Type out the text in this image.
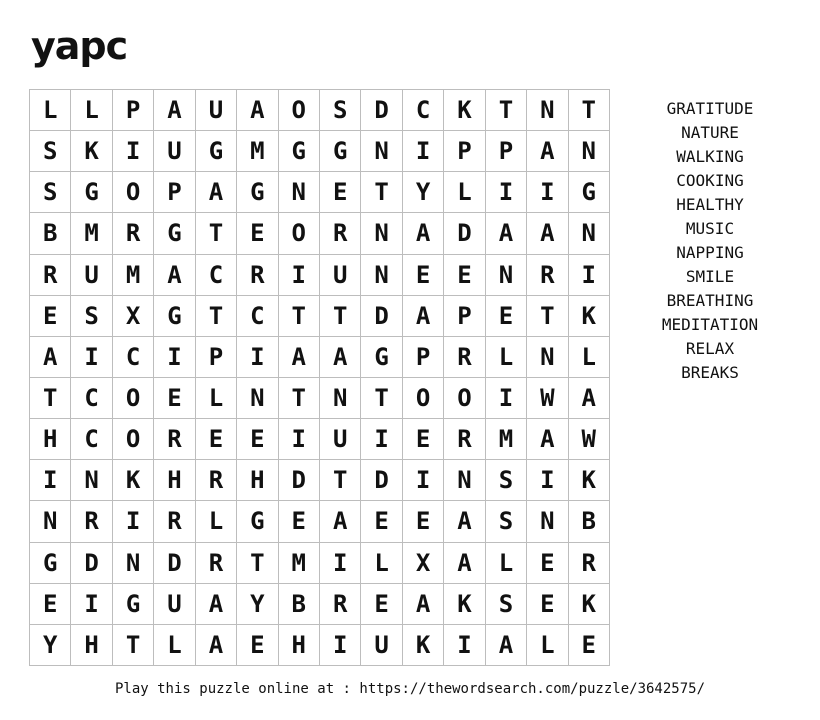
yapc
L	L	P	A	U	A	O	S	D	C	K	T	N	T
S	K	I	U	G	M	G	G	N	I	P	P	A	N
S	G	O	P	A	G	N	E	T	Y	L	I	I	G
B	M	R	G	T	E	O	R	N	A	D	A	A	N
R	U	M	A	C	R	I	U	N	E	E	N	R	I
E	S	X	G	T	C	T	T	D	A	P	E	T	K
A	I	C	I	P	I	A	A	G	P	R	L	N	L
T	C	O	E	L	N	T	N	T	O	O	I	W	A
H	C	O	R	E	E	I	U	I	E	R	M	A	W
I	N	K	H	R	H	D	T	D	I	N	S	I	K
N	R	I	R	L	G	E	A	E	E	A	S	N	B
G	D	N	D	R	T	M	I	L	X	A	L	E	R
E	I	G	U	A	Y	B	R	E	A	K	S	E	K
Y	H	T	L	A	E	H	I	U	K	I	A	L	E
GRATITUDE
NATURE
WALKING
COOKING
HEALTHY
MUSIC
NAPPING
SMILE
BREATHING
MEDITATION
RELAX
BREAKS
Play this puzzle online at : https://thewordsearch.com/puzzle/3642575/
